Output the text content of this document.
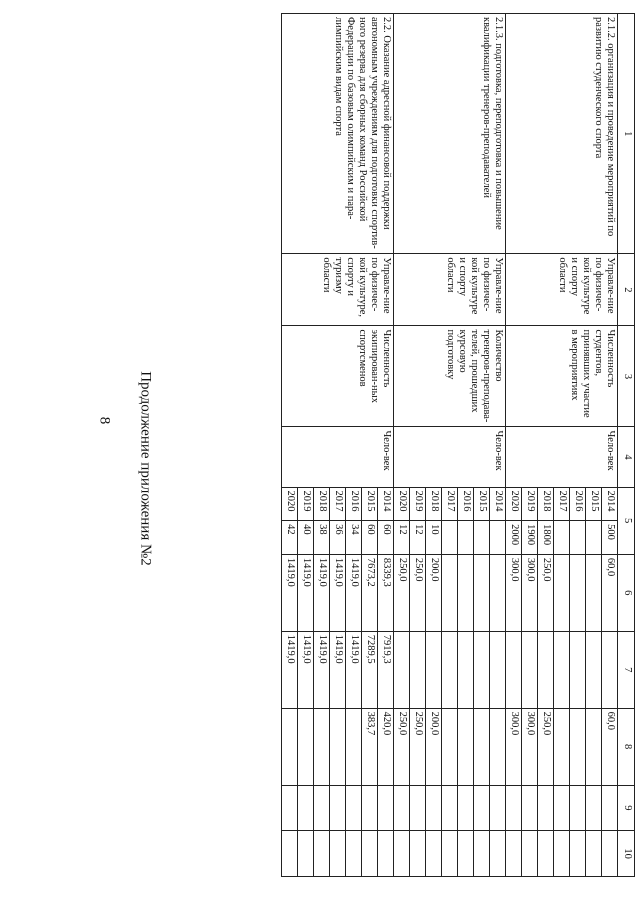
8 Продолжение приложения №2
1	2	3	4	5		6	7	8	9	10
2.1.2. организация и проведение мероприятий по развитию студенческого спорта	Управле-ние по физичес-кой культуре и спорту области	Численность студентов, принявших участие в мероприятиях	Чело-век	2014	500	60,0		60,0		
				2015						
				2016						
				2017						
				2018	1800	250,0		250,0		
				2019	1900	300,0		300,0		
				2020	2000	300,0		300,0		
2.1.3. подготовка, переподготовка и повышение квалификации тренеров-преподавателей	Управле-ние по физичес-кой культуре и спорту области	Количество тренеров-преподава-телей, прошедших курсовую подготовку	Чело-век	2014						
				2015						
				2016						
				2017						
				2018	10	200,0		200,0		
				2019	12	250,0		250,0		
				2020	12	250,0		250,0		
2.2. Оказание адресной финансовой поддержки автономным учреждениям для подготовки спортив-ного резерва для сборных команд Российской Федерации по базовым олимпийским и пара-лимпийским видам спорта	Управле-ние по физичес-кой культуре, спорту и туризму области	Численность экипирован-ных спортсменов	Чело-век	2014	60	8339,3	7919,3	420,0		
				2015	60	7673,2	7289,5	383,7		
				2016	34	1419,0	1419,0			
				2017	36	1419,0	1419,0			
				2018	38	1419,0	1419,0			
				2019	40	1419,0	1419,0			
				2020	42	1419,0	1419,0			
